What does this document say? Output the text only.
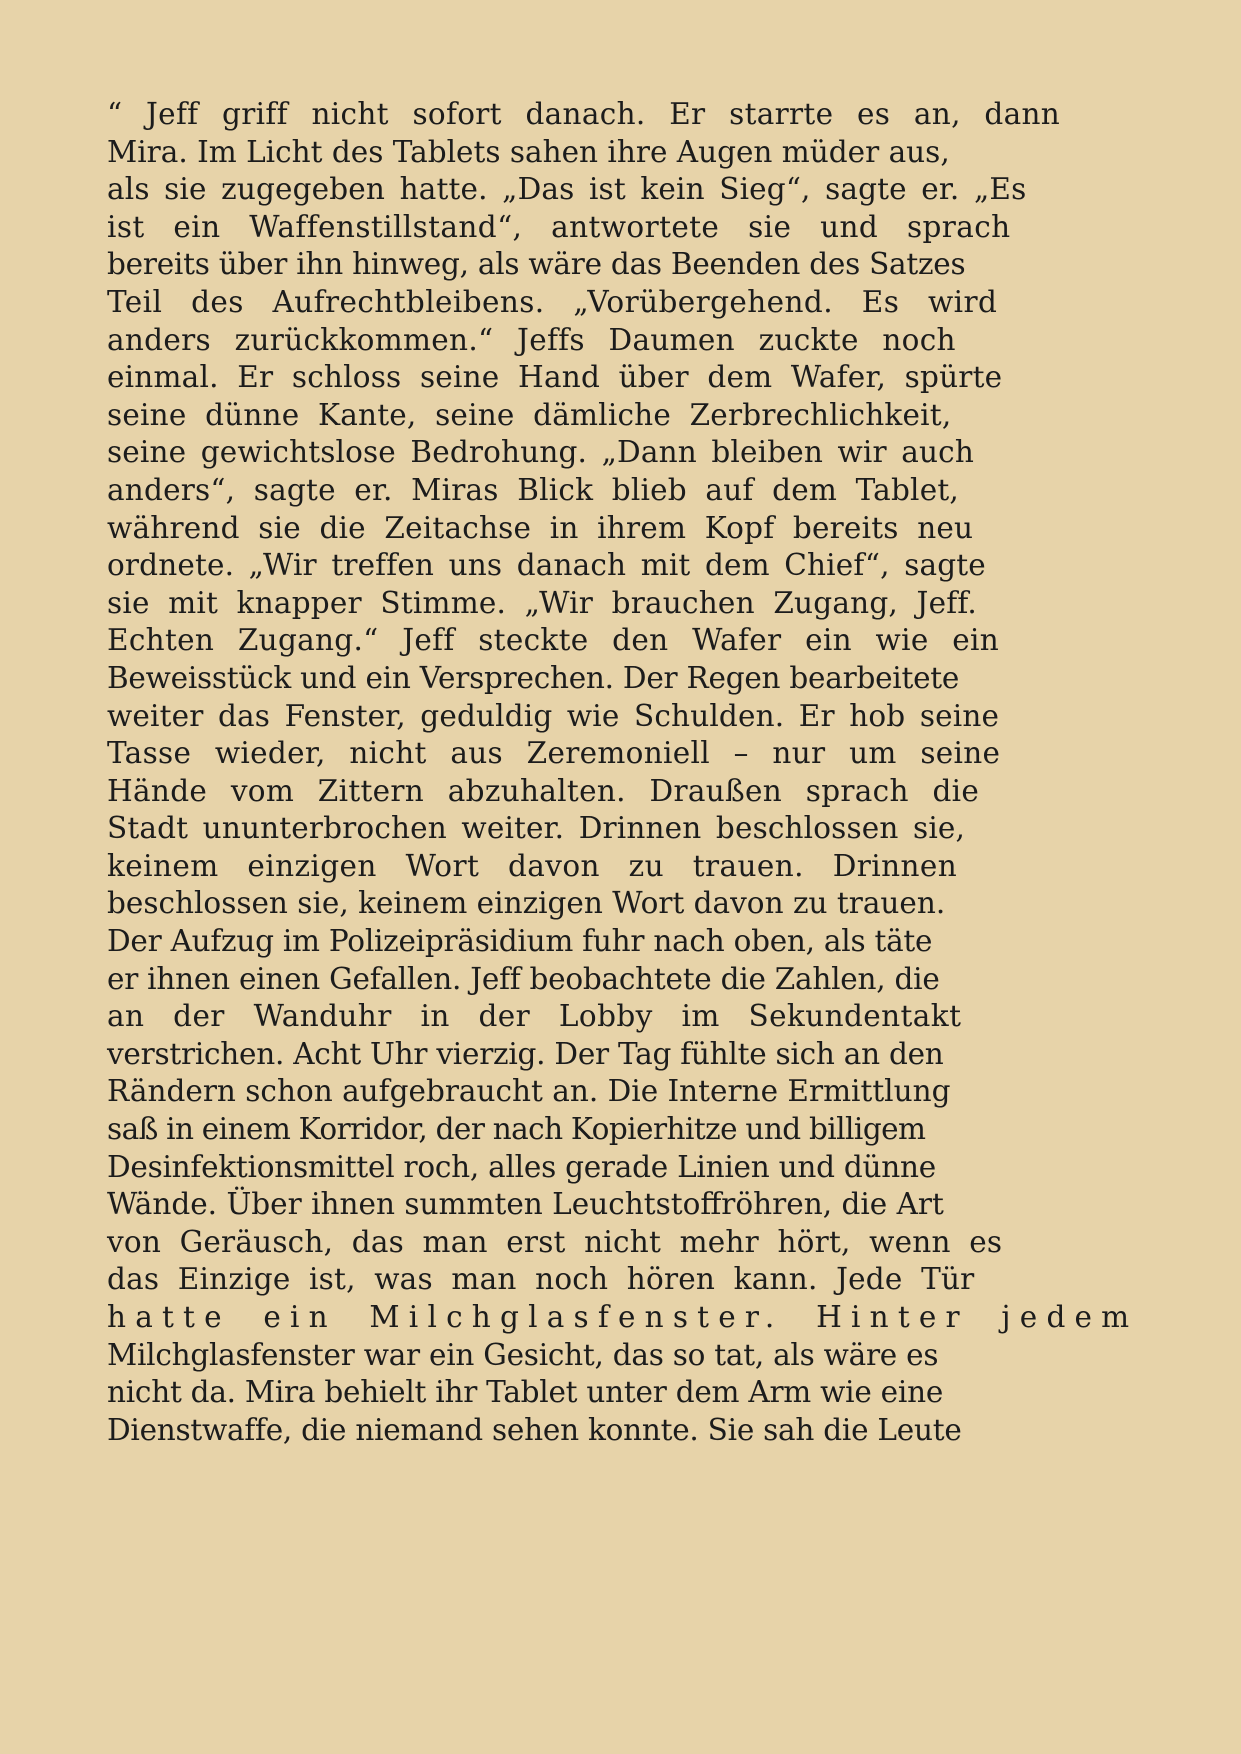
“ Jeff griff nicht sofort danach. Er starrte es an, dann
Mira. Im Licht des Tablets sahen ihre Augen müder aus,
als sie zugegeben hatte. „Das ist kein Sieg“, sagte er. „Es
ist ein Waffenstillstand“, antwortete sie und sprach
bereits über ihn hinweg, als wäre das Beenden des Satzes
Teil des Aufrechtbleibens. „Vorübergehend. Es wird
anders zurückkommen.“ Jeffs Daumen zuckte noch
einmal. Er schloss seine Hand über dem Wafer, spürte
seine dünne Kante, seine dämliche Zerbrechlichkeit,
seine gewichtslose Bedrohung. „Dann bleiben wir auch
anders“, sagte er. Miras Blick blieb auf dem Tablet,
während sie die Zeitachse in ihrem Kopf bereits neu
ordnete. „Wir treffen uns danach mit dem Chief“, sagte
sie mit knapper Stimme. „Wir brauchen Zugang, Jeff.
Echten Zugang.“ Jeff steckte den Wafer ein wie ein
Beweisstück und ein Versprechen. Der Regen bearbeitete
weiter das Fenster, geduldig wie Schulden. Er hob seine
Tasse wieder, nicht aus Zeremoniell – nur um seine
Hände vom Zittern abzuhalten. Draußen sprach die
Stadt ununterbrochen weiter. Drinnen beschlossen sie,
keinem einzigen Wort davon zu trauen. Drinnen
beschlossen sie, keinem einzigen Wort davon zu trauen.
Der Aufzug im Polizeipräsidium fuhr nach oben, als täte
er ihnen einen Gefallen. Jeff beobachtete die Zahlen, die
an der Wanduhr in der Lobby im Sekundentakt
verstrichen. Acht Uhr vierzig. Der Tag fühlte sich an den
Rändern schon aufgebraucht an. Die Interne Ermittlung
saß in einem Korridor, der nach Kopierhitze und billigem
Desinfektionsmittel roch, alles gerade Linien und dünne
Wände. Über ihnen summten Leuchtstoffröhren, die Art
von Geräusch, das man erst nicht mehr hört, wenn es
das Einzige ist, was man noch hören kann. Jede Tür
hatte ein Milchglasfenster. Hinter jedem
Milchglasfenster war ein Gesicht, das so tat, als wäre es
nicht da. Mira behielt ihr Tablet unter dem Arm wie eine
Dienstwaffe, die niemand sehen konnte. Sie sah die Leute
